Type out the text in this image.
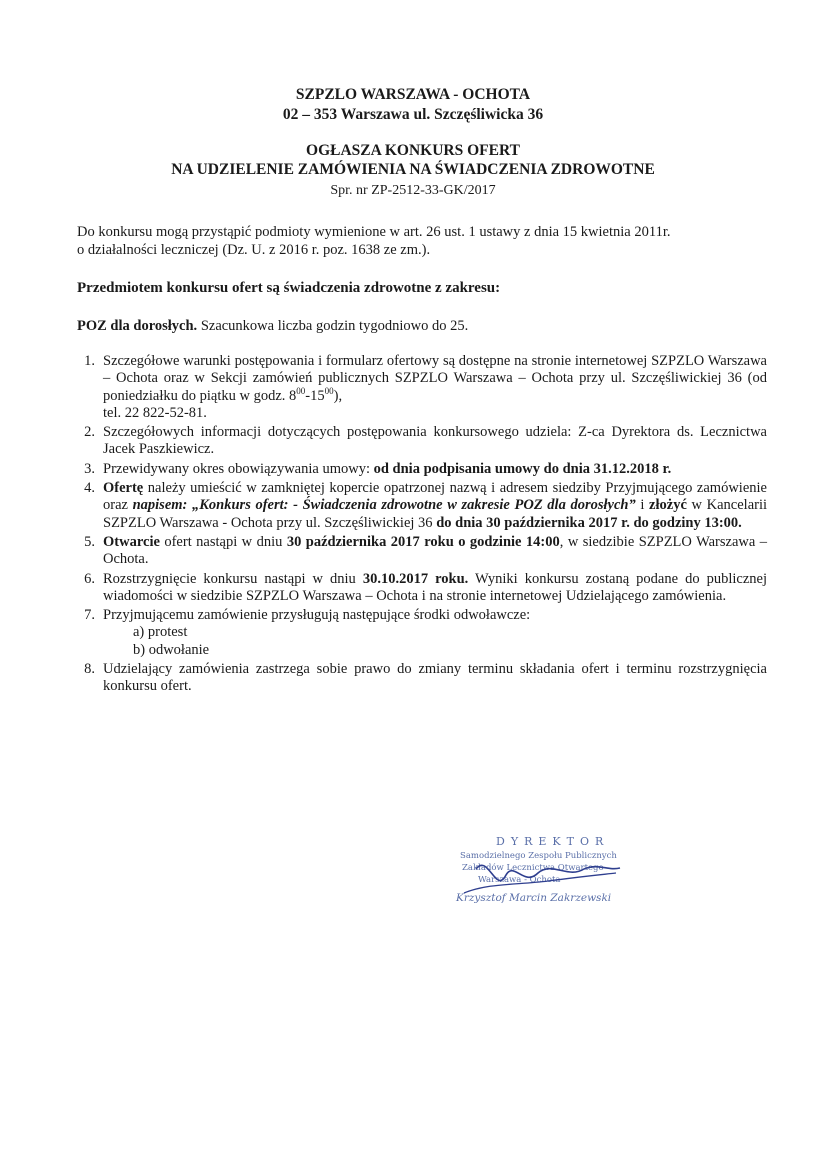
SZPZLO WARSZAWA - OCHOTA
02 – 353 Warszawa ul. Szczęśliwicka 36
OGŁASZA KONKURS OFERT
NA UDZIELENIE ZAMÓWIENIA NA ŚWIADCZENIA ZDROWOTNE
Spr. nr ZP-2512-33-GK/2017
Do konkursu mogą przystąpić podmioty wymienione w art. 26 ust. 1 ustawy z dnia 15 kwietnia 2011r.
o działalności leczniczej (Dz. U. z 2016 r. poz. 1638 ze zm.).
Przedmiotem konkursu ofert są świadczenia zdrowotne z zakresu:
POZ dla dorosłych. Szacunkowa liczba godzin tygodniowo do 25.
1. Szczegółowe warunki postępowania i formularz ofertowy są dostępne na stronie internetowej SZPZLO Warszawa – Ochota oraz w Sekcji zamówień publicznych SZPZLO Warszawa – Ochota przy ul. Szczęśliwickiej 36 (od poniedziałku do piątku w godz. $8^{00}-15^{00}$),
tel. 22 822-52-81.
2. Szczegółowych informacji dotyczących postępowania konkursowego udziela: Z-ca Dyrektora ds. Lecznictwa Jacek Paszkiewicz.
3. Przewidywany okres obowiązywania umowy: od dnia podpisania umowy do dnia 31.12.2018 r.
4. Ofertę należy umieścić w zamkniętej kopercie opatrzonej nazwą i adresem siedziby Przyjmującego zamówienie oraz napisem: „Konkurs ofert: - Świadczenia zdrowotne w zakresie POZ dla dorosłych” i złożyć w Kancelarii SZPZLO Warszawa - Ochota przy ul. Szczęśliwickiej 36 do dnia 30 października 2017 r. do godziny 13:00.
5. Otwarcie ofert nastąpi w dniu 30 października 2017 roku o godzinie 14:00, w siedzibie SZPZLO Warszawa – Ochota.
6. Rozstrzygnięcie konkursu nastąpi w dniu 30.10.2017 roku. Wyniki konkursu zostaną podane do publicznej wiadomości w siedzibie SZPZLO Warszawa – Ochota i na stronie internetowej Udzielającego zamówienia.
7. Przyjmującemu zamówienie przysługują następujące środki odwoławcze:
a) protest
b) odwołanie
8. Udzielający zamówienia zastrzega sobie prawo do zmiany terminu składania ofert i terminu rozstrzygnięcia konkursu ofert.
DYREKTOR
Samodzielnego Zespołu Publicznych
Zakładów Lecznictwa Otwartego
Warszawa - Ochota
Krzysztof Marcin Zakrzewski
